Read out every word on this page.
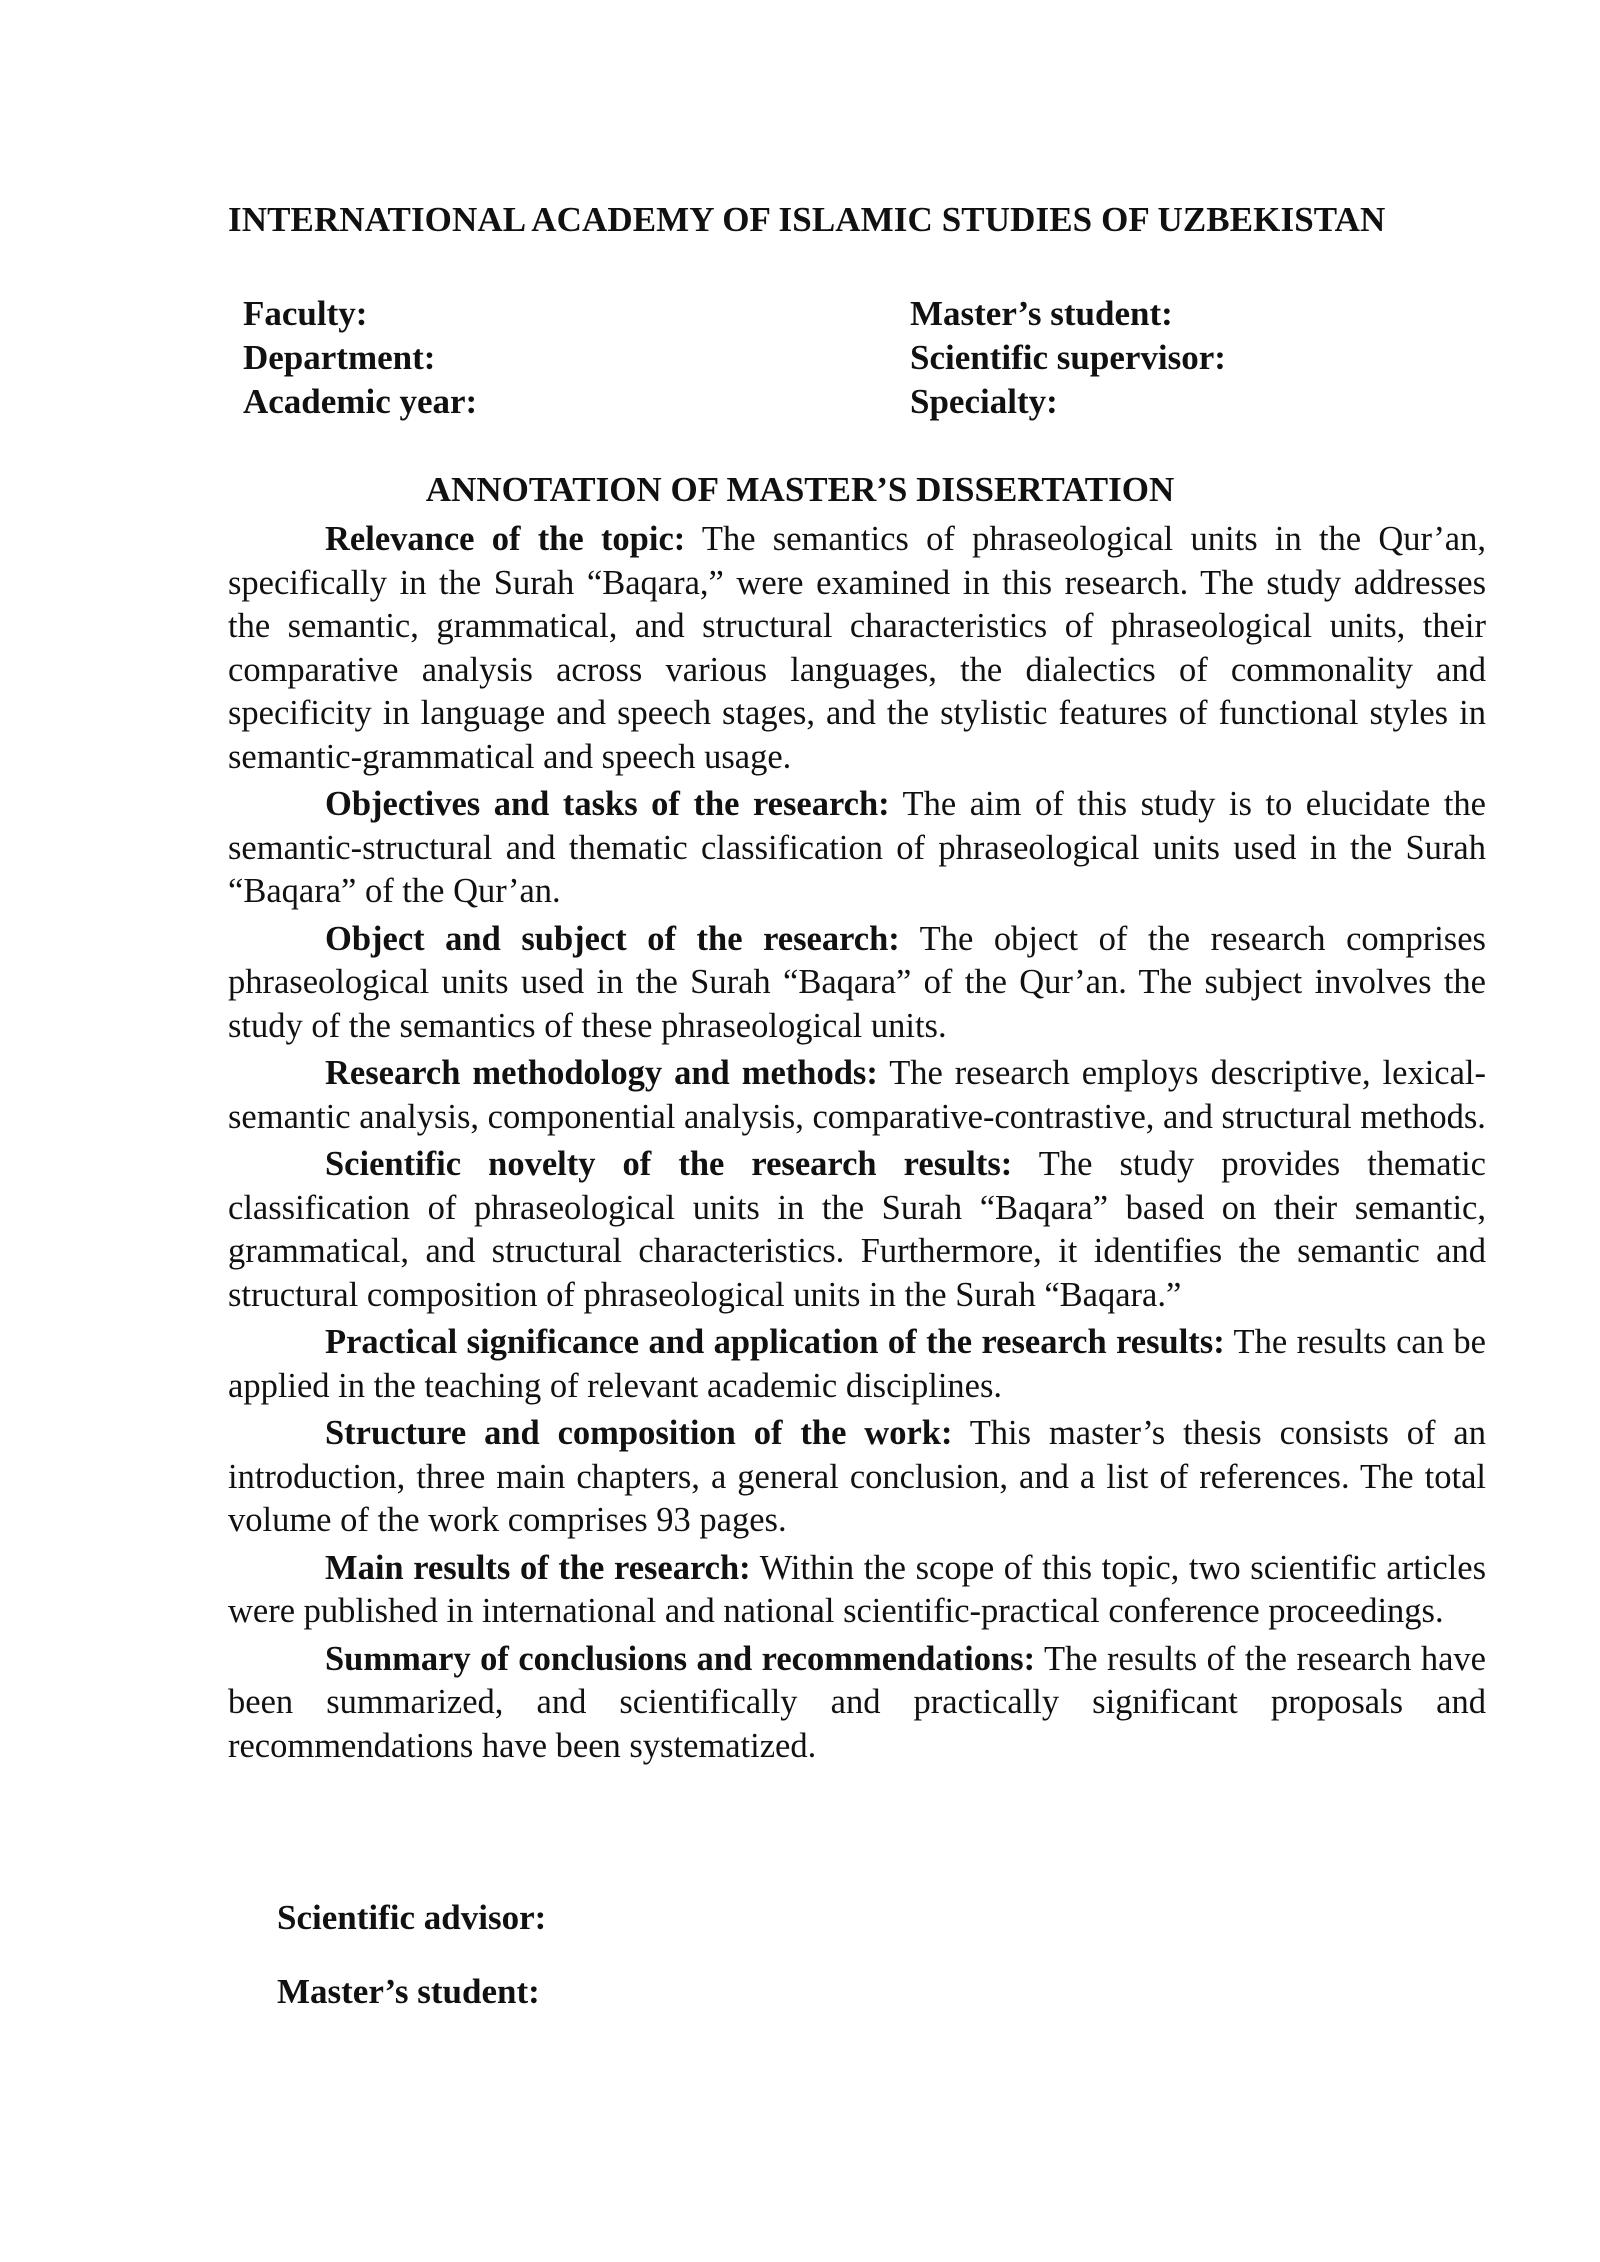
INTERNATIONAL ACADEMY OF ISLAMIC STUDIES OF UZBEKISTAN
Faculty:
Department:
Academic year:
Master’s student:
Scientific supervisor:
Specialty:
ANNOTATION OF MASTER’S DISSERTATION

Relevance of the topic: The semantics of phraseological units in the Qur’an, specifically in the Surah “Baqara,” were examined in this research. The study addresses the semantic, grammatical, and structural characteristics of phraseological units, their comparative analysis across various languages, the dialectics of commonality and specificity in language and speech stages, and the stylistic features of functional styles in semantic-grammatical and speech usage.

Objectives and tasks of the research: The aim of this study is to elucidate the semantic-structural and thematic classification of phraseological units used in the Surah “Baqara” of the Qur’an.

Object and subject of the research: The object of the research comprises phraseological units used in the Surah “Baqara” of the Qur’an. The subject involves the study of the semantics of these phraseological units.

Research methodology and methods: The research employs descriptive, lexical-semantic analysis, componential analysis, comparative-contrastive, and structural methods.

Scientific novelty of the research results: The study provides thematic classification of phraseological units in the Surah “Baqara” based on their semantic, grammatical, and structural characteristics. Furthermore, it identifies the semantic and structural composition of phraseological units in the Surah “Baqara.”

Practical significance and application of the research results: The results can be applied in the teaching of relevant academic disciplines.

Structure and composition of the work: This master’s thesis consists of an introduction, three main chapters, a general conclusion, and a list of references. The total volume of the work comprises 93 pages.

Main results of the research: Within the scope of this topic, two scientific articles were published in international and national scientific-practical conference proceedings.

Summary of conclusions and recommendations: The results of the research have been summarized, and scientifically and practically significant proposals and recommendations have been systematized.

Scientific advisor:
Master’s student:
